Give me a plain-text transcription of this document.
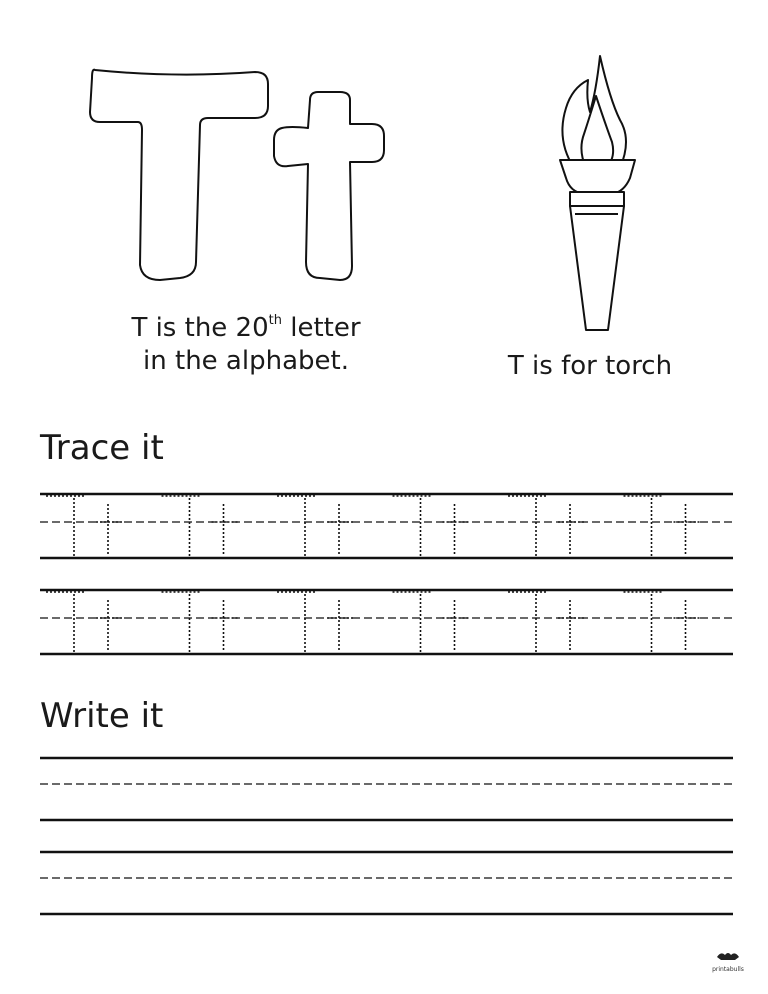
T is the 20th letter
in the alphabet.	T is for torch
Trace it
Write it
printabulls
